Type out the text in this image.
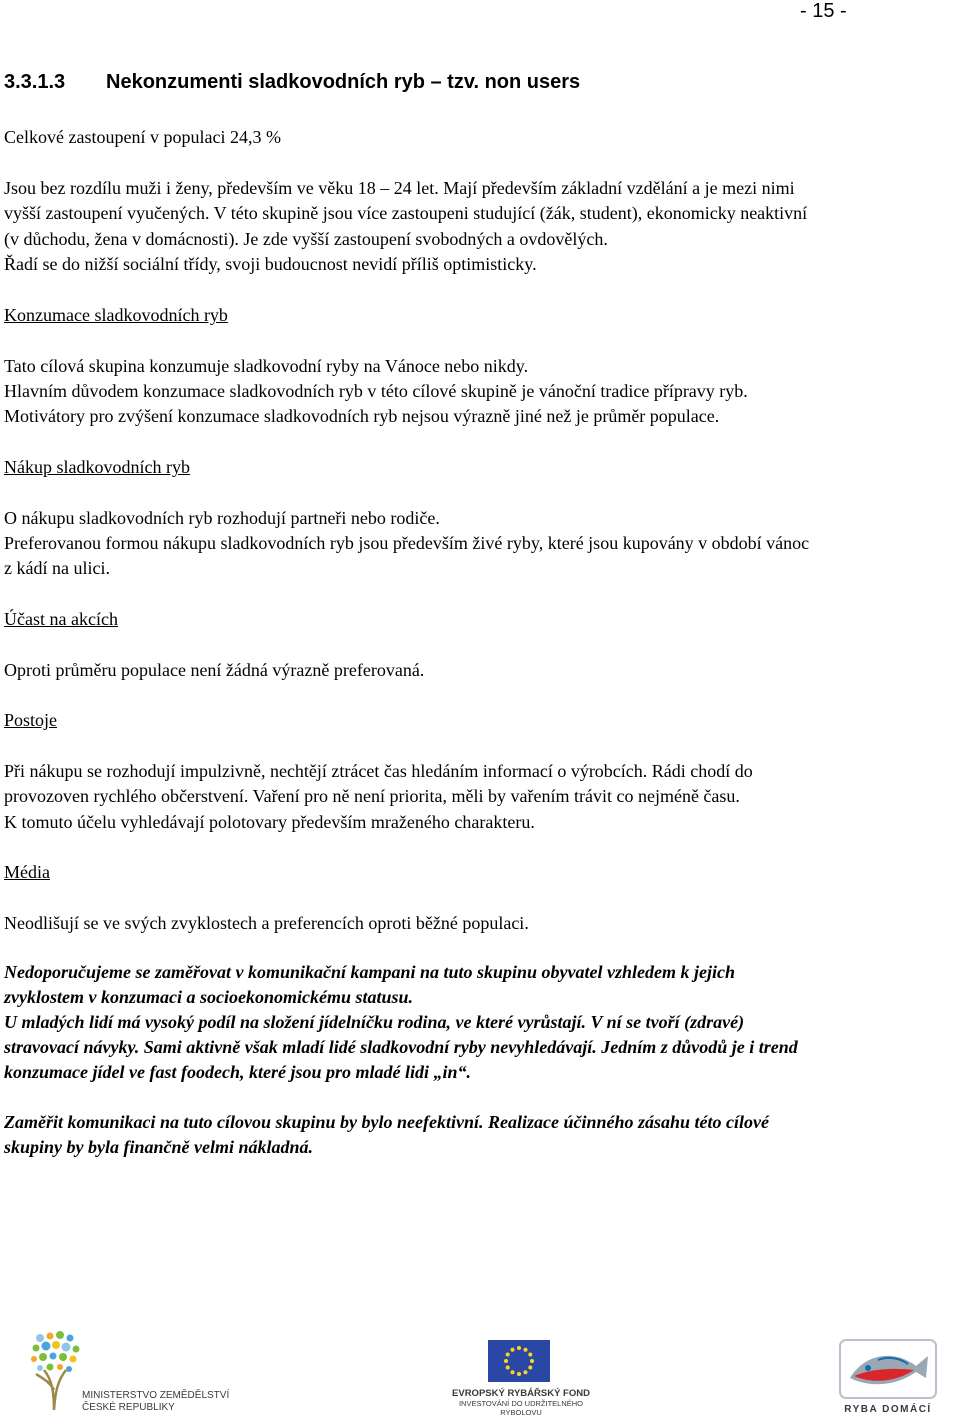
- 15 -
3.3.1.3 Nekonzumenti sladkovodních ryb – tzv. non users
Celkové zastoupení v populaci 24,3 %
Jsou bez rozdílu muži i ženy, především ve věku 18 – 24 let. Mají především základní vzdělání a je mezi nimi
vyšší zastoupení vyučených. V této skupině jsou více zastoupeni studující (žák, student), ekonomicky neaktivní
(v důchodu, žena v domácnosti). Je zde vyšší zastoupení svobodných a ovdovělých.
Řadí se do nižší sociální třídy, svoji budoucnost nevidí příliš optimisticky.
Konzumace sladkovodních ryb
Tato cílová skupina konzumuje sladkovodní ryby na Vánoce nebo nikdy.
Hlavním důvodem konzumace sladkovodních ryb v této cílové skupině je vánoční tradice přípravy ryb.
Motivátory pro zvýšení konzumace sladkovodních ryb nejsou výrazně jiné než je průměr populace.
Nákup sladkovodních ryb
O nákupu sladkovodních ryb rozhodují partneři nebo rodiče.
Preferovanou formou nákupu sladkovodních ryb jsou především živé ryby, které jsou kupovány v období vánoc
z kádí na ulici.
Účast na akcích
Oproti průměru populace není žádná výrazně preferovaná.
Postoje
Při nákupu se rozhodují impulzivně, nechtějí ztrácet čas hledáním informací o výrobcích. Rádi chodí do
provozoven rychlého občerstvení. Vaření pro ně není priorita, měli by vařením trávit co nejméně času.
K tomuto účelu vyhledávají polotovary především mraženého charakteru.
Média
Neodlišují se ve svých zvyklostech a preferencích oproti běžné populaci.
Nedoporučujeme se zaměřovat v komunikační kampani na tuto skupinu obyvatel vzhledem k jejich
zvyklostem v konzumaci a socioekonomickému statusu.
U mladých lidí má vysoký podíl na složení jídelníčku rodina, ve které vyrůstají. V ní se tvoří (zdravé)
stravovací návyky. Sami aktivně však mladí lidé sladkovodní ryby nevyhledávají. Jedním z důvodů je i trend
konzumace jídel ve fast foodech, které jsou pro mladé lidi „in“.
Zaměřit komunikaci na tuto cílovou skupinu by bylo neefektivní. Realizace účinného zásahu této cílové
skupiny by byla finančně velmi nákladná.
MINISTERSTVO ZEMĚDĚLSTVÍ
ČESKÉ REPUBLIKY
EVROPSKÝ RYBÁŘSKÝ FOND
INVESTOVÁNÍ DO UDRŽITELNÉHO
RYBOLOVU	RYBA DOMÁCÍ
